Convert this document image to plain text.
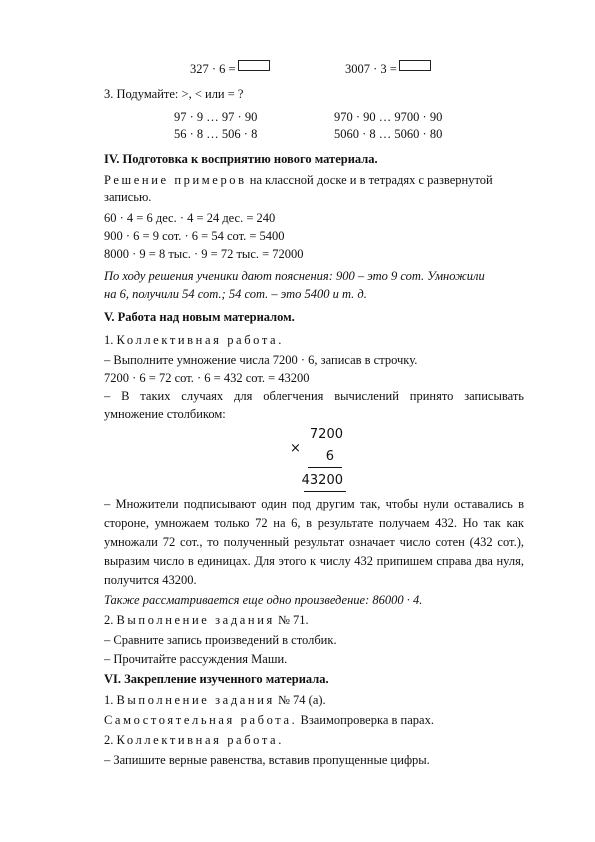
327 · 6 =	3007 · 3 =
3. Подумайте: >, < или = ?
97 · 9 … 97 · 90
56 · 8 … 506 · 8
970 · 90 … 9700 · 90
5060 · 8 … 5060 · 80
IV. Подготовка к восприятию нового материала.
Решение примеров на классной доске и в тетрадях с развернутой
записью.
60 · 4 = 6 дес. · 4 = 24 дес. = 240
900 · 6 = 9 сот. · 6 = 54 сот. = 5400
8000 · 9 = 8 тыс. · 9 = 72 тыс. = 72000
По ходу решения ученики дают пояснения: 900 – это 9 сот. Умножили
на 6, получили 54 сот.; 54 сот. – это 5400 и т. д.
V. Работа над новым материалом.
1. Коллективная работа.
– Выполните умножение числа 7200 · 6, записав в строчку.
7200 · 6 = 72 сот. · 6 = 432 сот. = 43200
– В таких случаях для облегчения вычислений принято записывать
умножение столбиком:
×
7200
6
43200
– Множители подписывают один под другим так, чтобы нули оставались в
стороне, умножаем только 72 на 6, в результате получаем 432. Но так как
умножали 72 сот., то полученный результат означает число сотен (432 сот.),
выразим число в единицах. Для этого к числу 432 припишем справа два нуля,
получится 43200.
Также рассматривается еще одно произведение: 86000 · 4.
2. Выполнение задания № 71.
– Сравните запись произведений в столбик.
– Прочитайте рассуждения Маши.
VI. Закрепление изученного материала.
1. Выполнение задания № 74 (а).
Самостоятельная работа. Взаимопроверка в парах.
2. Коллективная работа.
– Запишите верные равенства, вставив пропущенные цифры.
